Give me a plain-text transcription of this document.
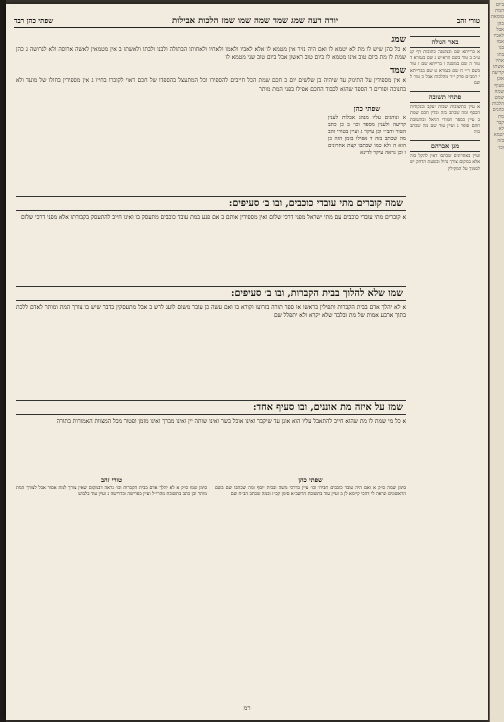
טורי זהב
יורה דעה שמג שמד שמה שמו שמז הלכות אבילות
שפתי כהן רבד
באר הגולה

א ברייתא שם ובמשנה כתובות דף קג ע״ב ב טור בשם הרא״ש ג שם בגמרא ד טור ה שם במשנה ו ברייתא שם ז טור בשם ר״י ח שם בגמרא ט שם בברייתא י רמב״ם פרק י״ד מהלכות אבל כ טור ל שם

פתחי תשובה

א עיין בתשובות שבות יעקב ובנקודות הכסף ומה שכתב בזה ובדין חכם שמת ב עיין בספר חמודי דניאל ובתשובת חתם סופר ג ועיין עוד שם מה שכתב בזה

מגן אברהם

ועיין באחרונים שכתבו דאין להקל בזה אלא במקום צורך גדול ובשעת הדחק יש לסמוך על המקילין

שפתי כהן

א ונוהגים עליו מנהג אבלות לענין קריעה ולענין מספד וכו׳ ב כן כתב הטור והב״י וכן עיקר ג ועיין בטורי זהב מה שכתב בזה ד אפילו בזמן הזה כן הוא ה ולא כמו שכתבו קצת אחרונים ו וכן נראה עיקר לדינא

שמג

א כל כהן שיש לו מת לא יטמא לו ואם היה נזיר אין מטמא לו אלא לאביו ולאמו ולאחיו ולאחותו הבתולה ולבנו ולבתו ולאשתו ב אין מטמאין לאשה ארוסה ולא לגרושה ג כהן שמת לו מת ביום טוב אינו מטמא לו ביום טוב ראשון אבל ביום טוב שני מטמא לו

שמד

א אין מספידין על התינוק עד שיהיה בן שלשים יום ב חכם שמת הכל חייבים להספידו וכל המתעצל בהספדו של חכם ראוי לקוברו בחייו ג אין מספידין בחולו של מועד ולא בחנוכה ופורים ד הספד שהוא לכבוד החכם אפילו בפני המת מותר

שמה קוברים מתי עובדי כוכבים, ובו ב׳ סעיפים:

א קוברים מתי עובדי כוכבים עם מתי ישראל מפני דרכי שלום ואין מספידין אותם ב אם פגע במת עובד כוכבים מתעסק בו ואינו חייב להתעסק בקבורתו אלא מפני דרכי שלום

שמו שלא להלוך בבית הקברות, ובו ב׳ סעיפים:

א לא יהלך אדם בבית הקברות ותפילין בראשו או ספר תורה בזרועו וקורא בו ואם עשה כן עובר משום לועג לרש ב אבל מתעסקין בדבר שיש בו צורך המת ומותר לאדם ללכת בתוך ארבע אמות של מת ובלבד שלא יקרא ולא יתפלל שם

שמז על איזה מת אוננים, ובו סעיף אחד:

א כל מי שמת לו מת שהוא חייב להתאבל עליו הוא אונן עד שיקבר ואינו אוכל בשר ואינו שותה יין ואינו מברך ואינו מזמן ופטור מכל המצוות האמורות בתורה

שפתי כהן

סימן שמה ס״ק א ואם היה עובד כוכבים חבירו וכו׳ עיין בדרכי משה ובבית יוסף ומה שכתבו שם בשם הראשונים ונראה לי דהכי קיימא לן ב ועיין עוד בתשובת הרשב״א סימן קכ״ז ובמה שכתב הב״ח שם

טורי זהב

סימן שמו ס״ק א לא יהלך אדם בבית הקברות וכו׳ נראה דבמקום שאין צורך למת אסור אבל לצורך המת מותר וכן כתב בתשובת מהרי״ל ועיין בפרישה ובדרישה ג ועיין עוד בלבוש

רמ
ביום
המת
טומאה
כהן
אבל
לאביו
אמו
בנו
בתו
אחיו
אשתו
קריעה
אונן
סעיף
שמח
שמט
הלכות
כהנים
מת
קבר
לא
יטמא
בזה
וכו׳
